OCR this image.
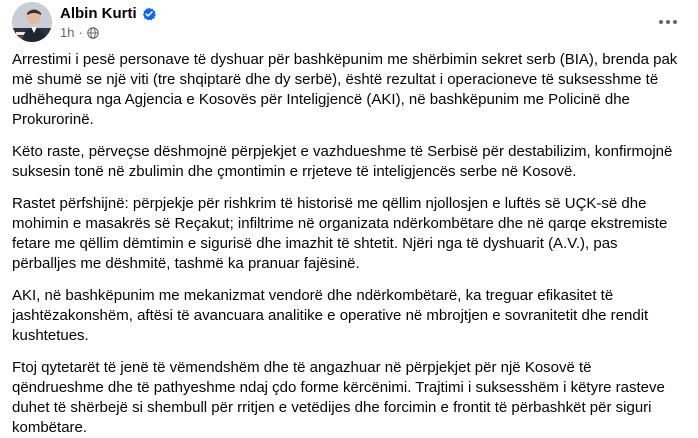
Albin Kurti
1h ·

Arrestimi i pesë personave të dyshuar për bashkëpunim me shërbimin sekret serb (BIA), brenda pak më shumë se një viti (tre shqiptarë dhe dy serbë), është rezultat i operacioneve të suksesshme të udhëhequra nga Agjencia e Kosovës për Inteligjencë (AKI), në bashkëpunim me Policinë dhe Prokurorinë.

Këto raste, përveçse dëshmojnë përpjekjet e vazhdueshme të Serbisë për destabilizim, konfirmojnë suksesin tonë në zbulimin dhe çmontimin e rrjeteve të inteligjencës serbe në Kosovë.

Rastet përfshijnë: përpjekje për rishkrim të historisë me qëllim njollosjen e luftës së UÇK-së dhe mohimin e masakrës së Reçakut; infiltrime në organizata ndërkombëtare dhe në qarqe ekstremiste fetare me qëllim dëmtimin e sigurisë dhe imazhit të shtetit. Njëri nga të dyshuarit (A.V.), pas përballjes me dëshmitë, tashmë ka pranuar fajësinë.

AKI, në bashkëpunim me mekanizmat vendorë dhe ndërkombëtarë, ka treguar efikasitet të jashtëzakonshëm, aftësi të avancuara analitike e operative në mbrojtjen e sovranitetit dhe rendit kushtetues.

Ftoj qytetarët të jenë të vëmendshëm dhe të angazhuar në përpjekjet për një Kosovë të qëndrueshme dhe të pathyeshme ndaj çdo forme kërcënimi. Trajtimi i suksesshëm i këtyre rasteve duhet të shërbejë si shembull për rritjen e vetëdijes dhe forcimin e frontit të përbashkët për siguri kombëtare.
